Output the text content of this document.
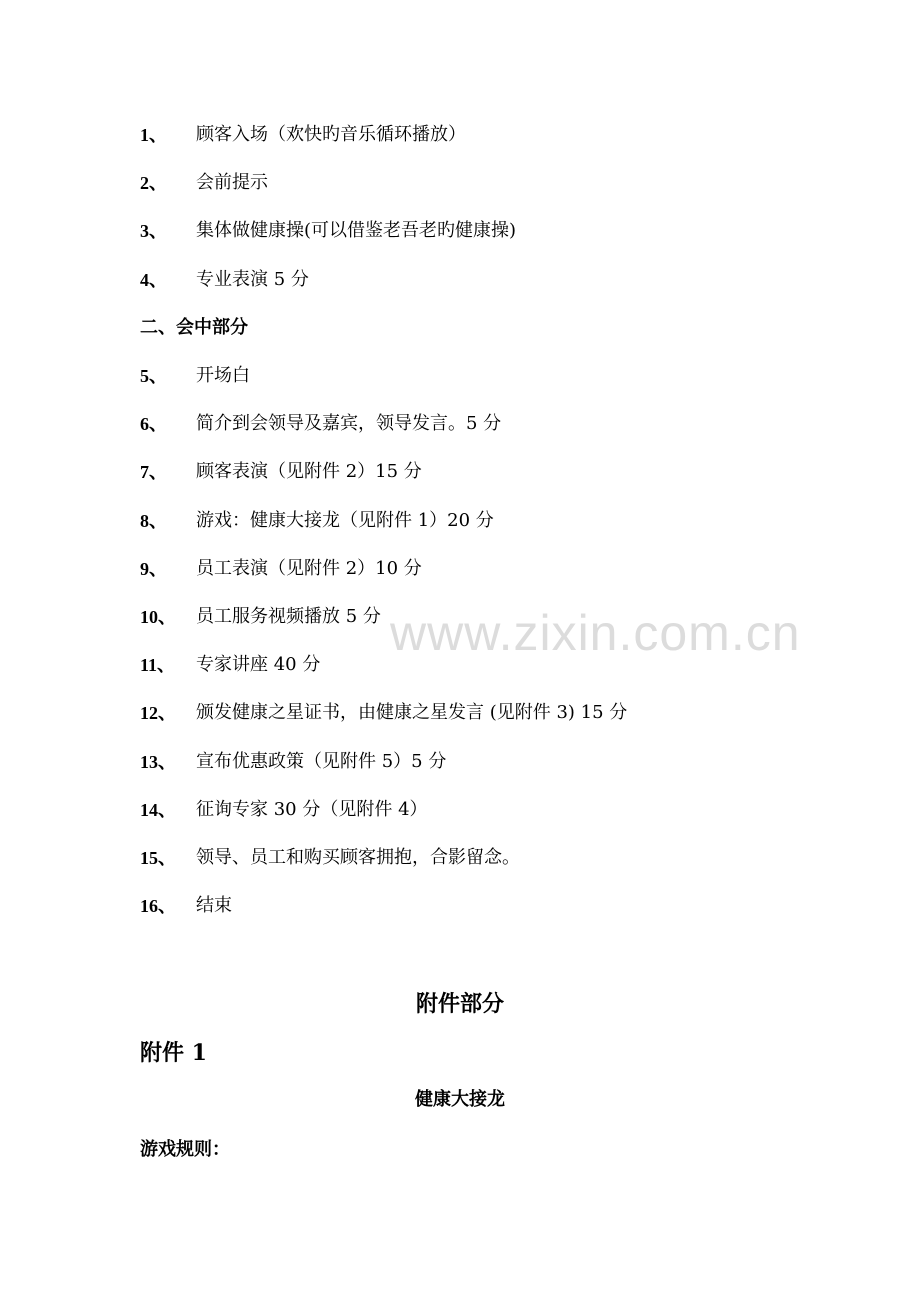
1、 顾客入场（欢快旳音乐循环播放）
2、 会前提示
3、 集体做健康操(可以借鉴老吾老旳健康操)
4、 专业表演 5 分
二、会中部分
5、 开场白
6、 简介到会领导及嘉宾，领导发言。5 分
7、 顾客表演（见附件 2）15 分
8、 游戏：健康大接龙（见附件 1）20 分
9、 员工表演（见附件 2）10 分
10、 员工服务视频播放 5 分
11、 专家讲座 40 分
12、 颁发健康之星证书，由健康之星发言 (见附件 3) 15 分
13、 宣布优惠政策（见附件 5）5 分
14、 征询专家 30 分（见附件 4）
15、 领导、员工和购买顾客拥抱，合影留念。
16、 结束
www.zixin.com.cn
附件部分
附件 1
健康大接龙
游戏规则：
